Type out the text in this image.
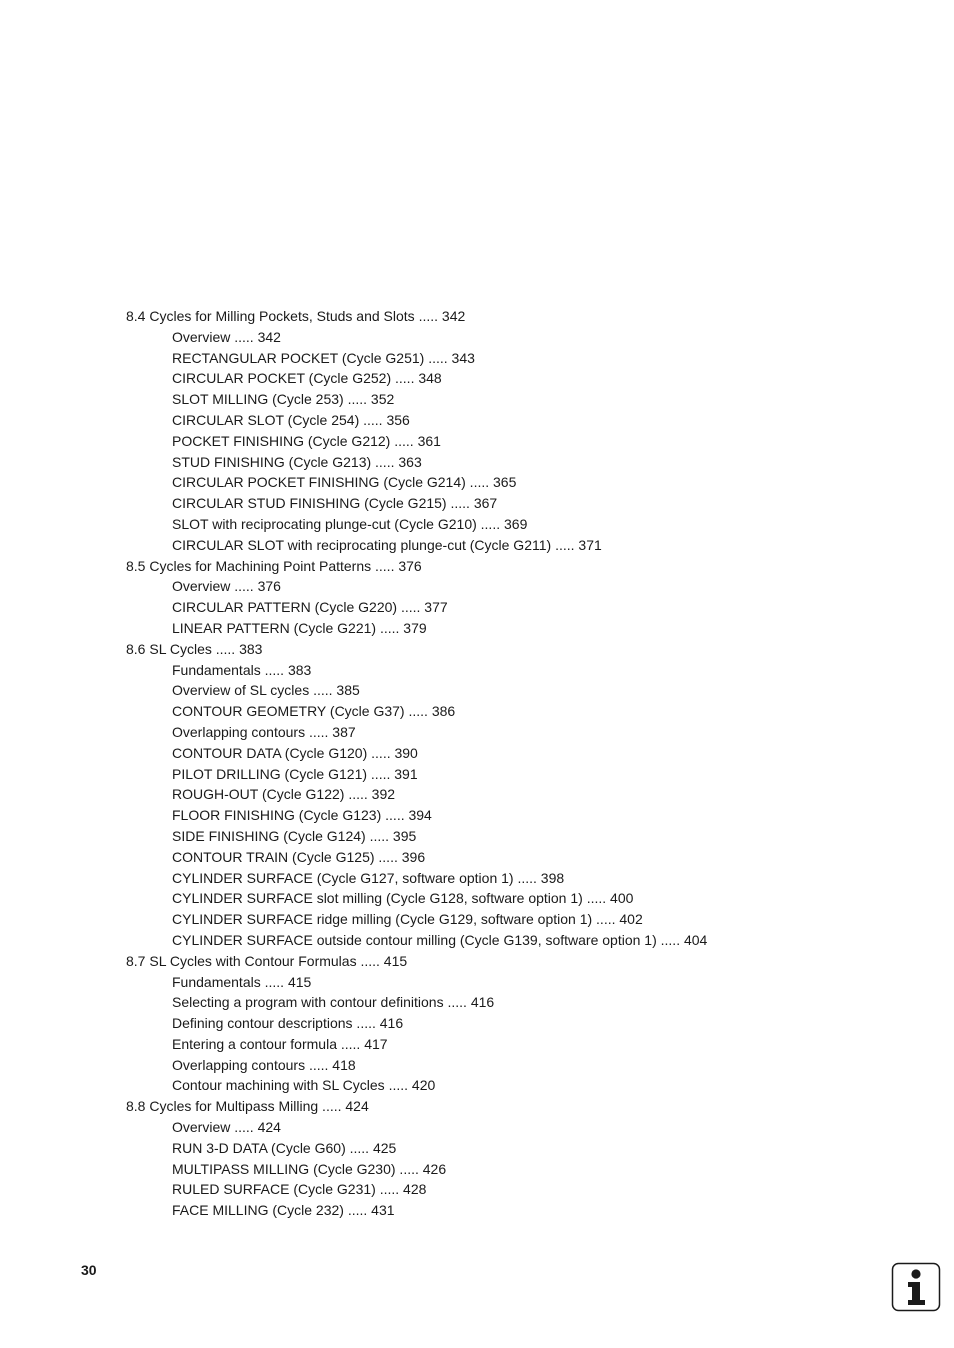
8.4 Cycles for Milling Pockets, Studs and Slots ..... 342
Overview ..... 342
RECTANGULAR POCKET (Cycle G251) ..... 343
CIRCULAR POCKET (Cycle G252) ..... 348
SLOT MILLING (Cycle 253) ..... 352
CIRCULAR SLOT (Cycle 254) ..... 356
POCKET FINISHING (Cycle G212) ..... 361
STUD FINISHING (Cycle G213) ..... 363
CIRCULAR POCKET FINISHING (Cycle G214) ..... 365
CIRCULAR STUD FINISHING (Cycle G215) ..... 367
SLOT with reciprocating plunge-cut (Cycle G210) ..... 369
CIRCULAR SLOT with reciprocating plunge-cut (Cycle G211) ..... 371
8.5 Cycles for Machining Point Patterns ..... 376
Overview ..... 376
CIRCULAR PATTERN (Cycle G220) ..... 377
LINEAR PATTERN (Cycle G221) ..... 379
8.6 SL Cycles ..... 383
Fundamentals ..... 383
Overview of SL cycles ..... 385
CONTOUR GEOMETRY (Cycle G37) ..... 386
Overlapping contours ..... 387
CONTOUR DATA (Cycle G120) ..... 390
PILOT DRILLING (Cycle G121) ..... 391
ROUGH-OUT (Cycle G122) ..... 392
FLOOR FINISHING (Cycle G123) ..... 394
SIDE FINISHING (Cycle G124) ..... 395
CONTOUR TRAIN (Cycle G125) ..... 396
CYLINDER SURFACE (Cycle G127, software option 1) ..... 398
CYLINDER SURFACE slot milling (Cycle G128, software option 1) ..... 400
CYLINDER SURFACE ridge milling (Cycle G129, software option 1) ..... 402
CYLINDER SURFACE outside contour milling (Cycle G139, software option 1) ..... 404
8.7 SL Cycles with Contour Formulas ..... 415
Fundamentals ..... 415
Selecting a program with contour definitions ..... 416
Defining contour descriptions ..... 416
Entering a contour formula ..... 417
Overlapping contours ..... 418
Contour machining with SL Cycles ..... 420
8.8 Cycles for Multipass Milling ..... 424
Overview ..... 424
RUN 3-D DATA (Cycle G60) ..... 425
MULTIPASS MILLING (Cycle G230) ..... 426
RULED SURFACE (Cycle G231) ..... 428
FACE MILLING (Cycle 232) ..... 431
30
